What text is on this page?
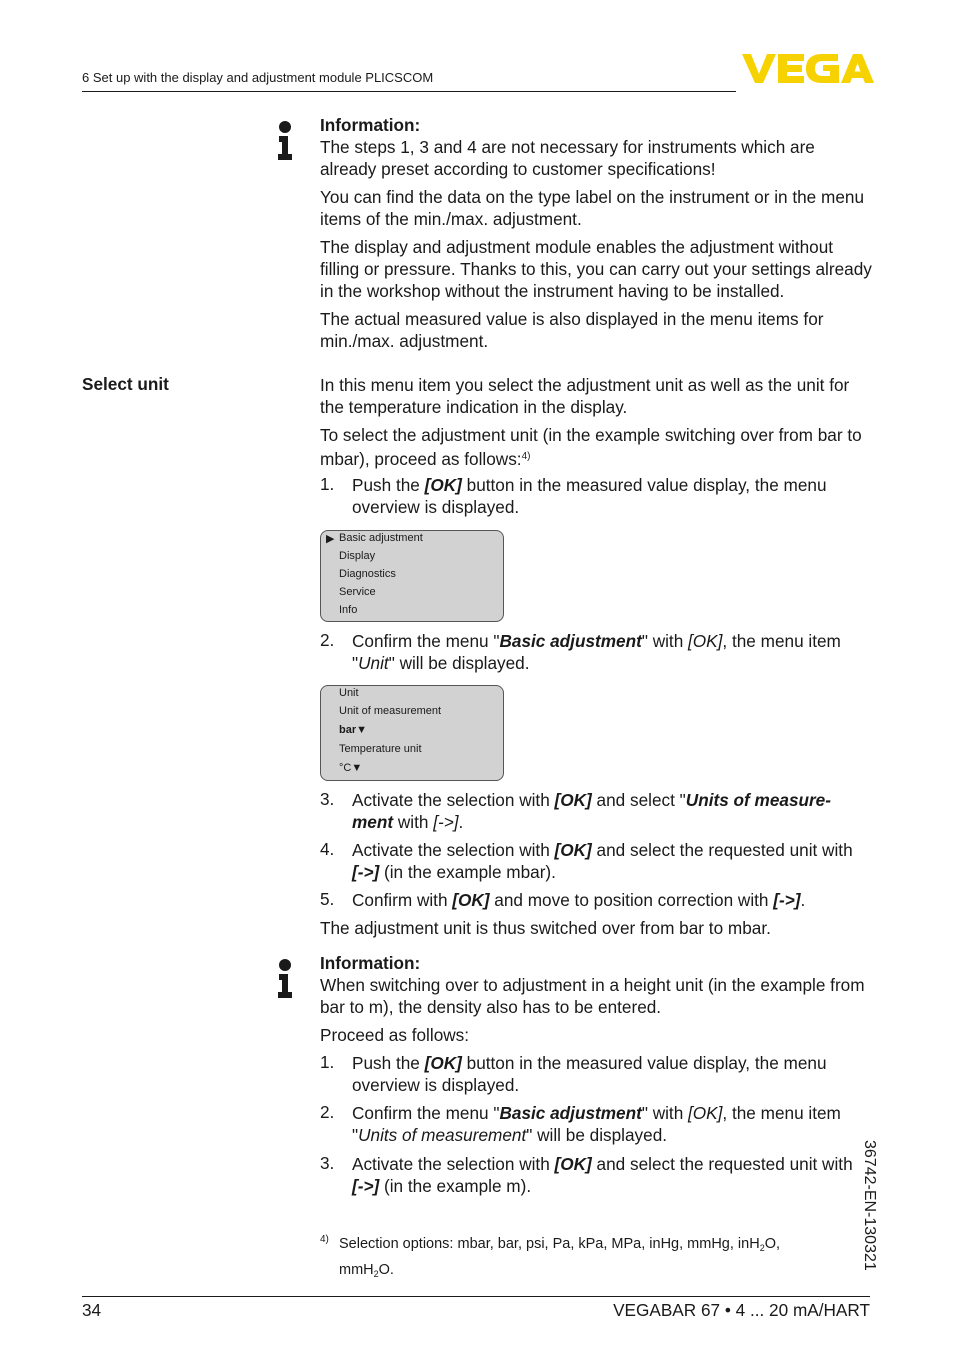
6 Set up with the display and adjustment module PLICSCOM

Information:

The steps 1, 3 and 4 are not necessary for instruments which are already preset according to customer specifications!

You can find the data on the type label on the instrument or in the menu items of the min./max. adjustment.

The display and adjustment module enables the adjustment without filling or pressure. Thanks to this, you can carry out your settings already in the workshop without the instrument having to be installed.

The actual measured value is also displayed in the menu items for min./max. adjustment.

Select unit	In this menu item you select the adjustment unit as well as the unit for the temperature indication in the display.

To select the adjustment unit (in the example switching over from bar to mbar), proceed as follows:$^{4)}$

1. Push the [OK] button in the measured value display, the menu overview is displayed.
▶ Basic adjustment
Display
Diagnostics
Service
Info
2. Confirm the menu "Basic adjustment" with [OK], the menu item "Unit" will be displayed.
Unit
Unit of measurement
bar▼
Temperature unit
°C▼
3. Activate the selection with [OK] and select "Units of measure-
ment with [->].
4. Activate the selection with [OK] and select the requested unit with
[->] (in the example mbar).
5. Confirm with [OK] and move to position correction with [->].
The adjustment unit is thus switched over from bar to mbar.

Information:

When switching over to adjustment in a height unit (in the example from bar to m), the density also has to be entered.

Proceed as follows:

1. Push the [OK] button in the measured value display, the menu overview is displayed.
2. Confirm the menu "Basic adjustment" with [OK], the menu item "Units of measurement" will be displayed.
3. Activate the selection with [OK] and select the requested unit with
[->] (in the example m).
4) Selection options: mbar, bar, psi, Pa, kPa, MPa, inHg, mmHg, inH$_2$O,
mmH$_2$O.	36742-EN-130321
34	VEGABAR 67 • 4 ... 20 mA/HART
